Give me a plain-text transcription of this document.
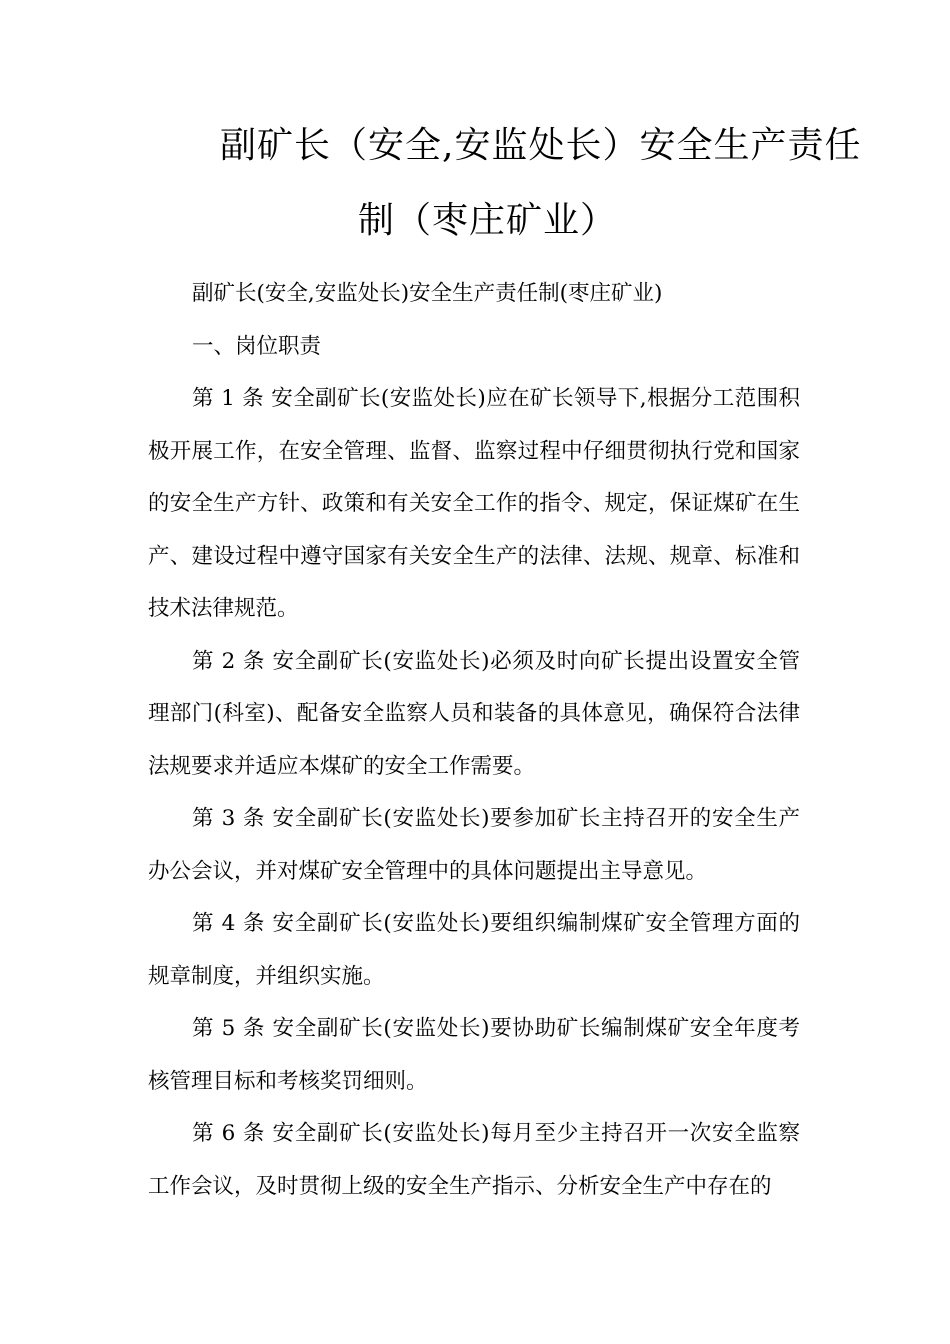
副矿长（安全,安监处长）安全生产责任
制（枣庄矿业）

副矿长(安全,安监处长)安全生产责任制(枣庄矿业)

一、岗位职责

第 1 条 安全副矿长(安监处长)应在矿长领导下,根据分工范围积极开展工作，在安全管理、监督、监察过程中仔细贯彻执行党和国家的安全生产方针、政策和有关安全工作的指令、规定，保证煤矿在生产、建设过程中遵守国家有关安全生产的法律、法规、规章、标准和技术法律规范。

第 2 条 安全副矿长(安监处长)必须及时向矿长提出设置安全管理部门(科室)、配备安全监察人员和装备的具体意见，确保符合法律法规要求并适应本煤矿的安全工作需要。

第 3 条 安全副矿长(安监处长)要参加矿长主持召开的安全生产办公会议，并对煤矿安全管理中的具体问题提出主导意见。

第 4 条 安全副矿长(安监处长)要组织编制煤矿安全管理方面的规章制度，并组织实施。

第 5 条 安全副矿长(安监处长)要协助矿长编制煤矿安全年度考核管理目标和考核奖罚细则。

第 6 条 安全副矿长(安监处长)每月至少主持召开一次安全监察工作会议，及时贯彻上级的安全生产指示、分析安全生产中存在的
